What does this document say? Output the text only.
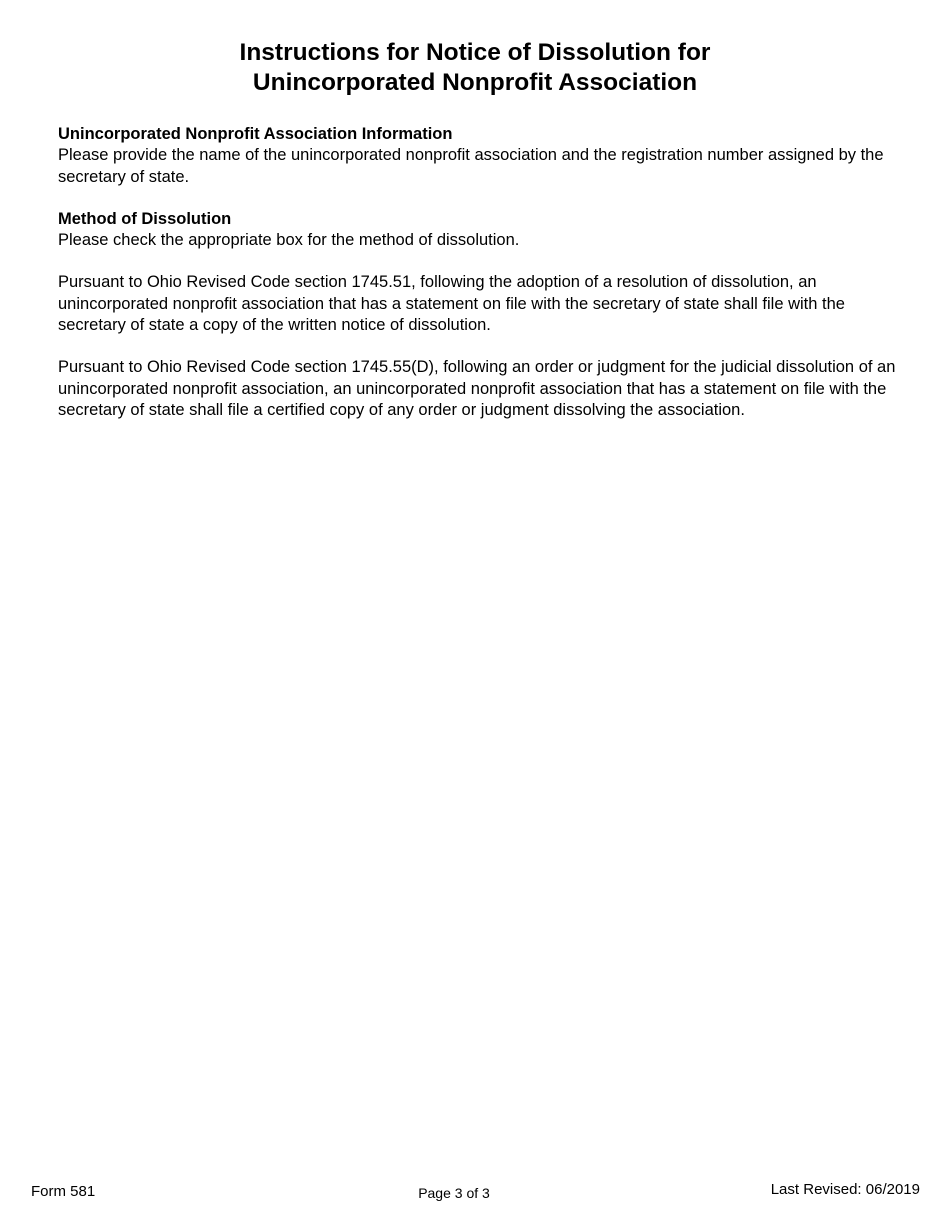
Instructions for Notice of Dissolution for
Unincorporated Nonprofit Association

Unincorporated Nonprofit Association Information

Please provide the name of the unincorporated nonprofit association and the registration number assigned by the secretary of state.

Method of Dissolution

Please check the appropriate box for the method of dissolution.

Pursuant to Ohio Revised Code section 1745.51, following the adoption of a resolution of dissolution, an unincorporated nonprofit association that has a statement on file with the secretary of state shall file with the secretary of state a copy of the written notice of dissolution.

Pursuant to Ohio Revised Code section 1745.55(D), following an order or judgment for the judicial dissolution of an unincorporated nonprofit association, an unincorporated nonprofit association that has a statement on file with the secretary of state shall file a certified copy of any order or judgment dissolving the association.

Form 581	Page 3 of 3	Last Revised: 06/2019
